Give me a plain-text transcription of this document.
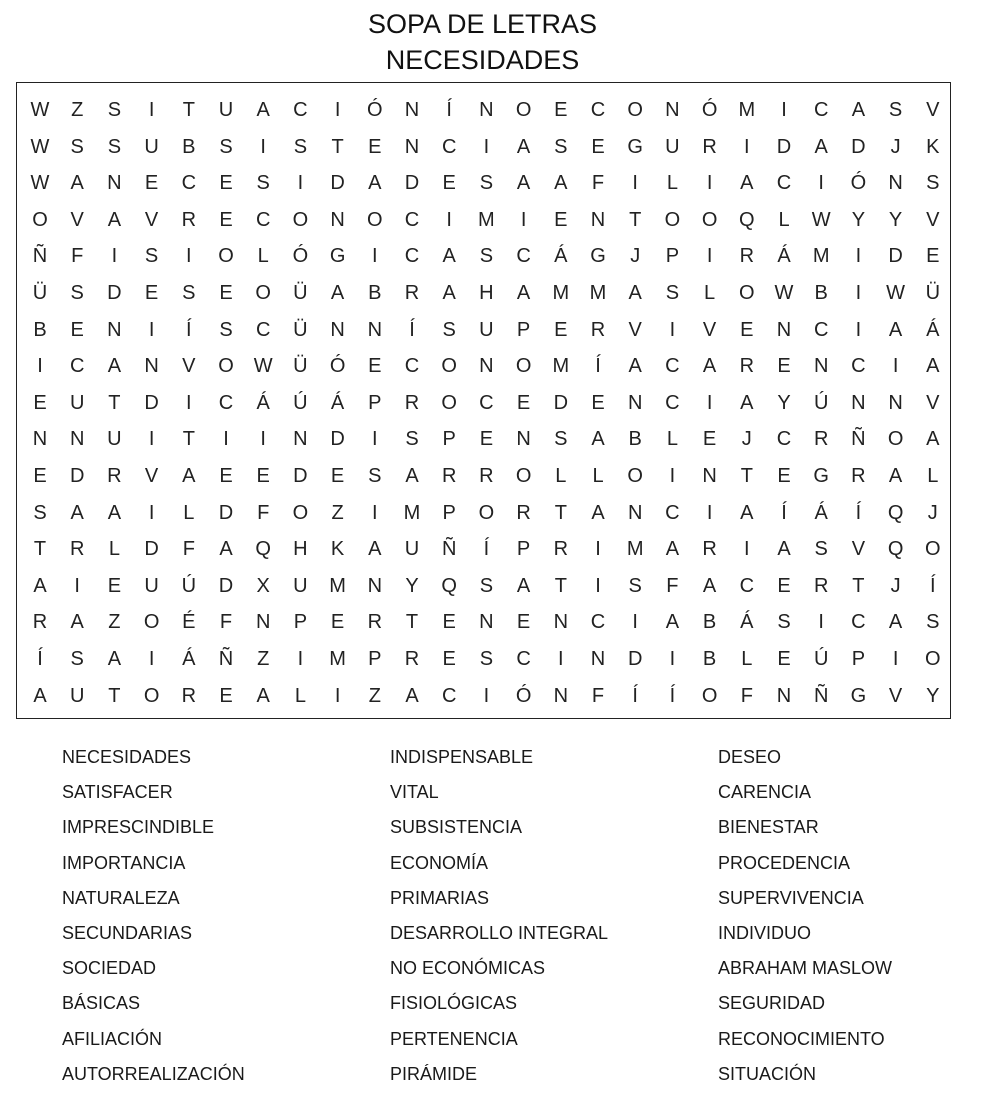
SOPA DE LETRAS
NECESIDADES
W	Z	S	I	T	U	A	C	I	Ó	N	Í	N	O	E	C	O	N	Ó	M	I	C	A	S	V
W	S	S	U	B	S	I	S	T	E	N	C	I	A	S	E	G	U	R	I	D	A	D	J	K
W	A	N	E	C	E	S	I	D	A	D	E	S	A	A	F	I	L	I	A	C	I	Ó	N	S
O	V	A	V	R	E	C	O	N	O	C	I	M	I	E	N	T	O	O	Q	L	W	Y	Y	V
Ñ	F	I	S	I	O	L	Ó	G	I	C	A	S	C	Á	G	J	P	I	R	Á	M	I	D	E
Ü	S	D	E	S	E	O	Ü	A	B	R	A	H	A	M	M	A	S	L	O W	B	I	W	Ü
B	E	N	I	Í	S	C	Ü	N	N	Í	S	U	P	E	R	V	I	V	E	N	C	I	A	Á
I	C	A	N	V	O W	Ü	Ó	E	C	O	N	O	M	Í	A	C	A	R	E	N	C	I	A
E	U	T	D	I	C	Á	Ú	Á	P	R	O	C	E	D	E	N	C	I	A	Y	Ú	N	N	V
N	N	U	I	T	I	I	N	D	I	S	P	E	N	S	A	B	L	E	J	C	R	Ñ	O	A
E	D	R	V	A	E	E	D	E	S	A	R	R	O	L	L	O	I	N	T	E	G	R	A	L
S	A	A	I	L	D	F	O	Z	I	M	P	O	R	T	A	N	C	I	A	Í	Á	Í	Q	J
T	R	L	D	F	A	Q	H	K	A	U	Ñ	Í	P	R	I	M	A	R	I	A	S	V	Q	O
A	I	E	U	Ú	D	X	U	M	N	Y	Q	S	A	T	I	S	F	A	C	E	R	T	J	Í
R	A	Z	O	É	F	N	P	E	R	T	E	N	E	N	C	I	A	B	Á	S	I	C	A	S
Í	S	A	I	Á	Ñ	Z	I	M	P	R	E	S	C	I	N	D	I	B	L	E	Ú	P	I	O
A	U	T	O	R	E	A	L	I	Z	A	C	I	Ó	N	F	Í	Í	O	F	N	Ñ	G	V	Y
NECESIDADES
SATISFACER
IMPRESCINDIBLE
IMPORTANCIA
NATURALEZA
SECUNDARIAS
SOCIEDAD
BÁSICAS
AFILIACIÓN
AUTORREALIZACIÓN
INDISPENSABLE
VITAL
SUBSISTENCIA
ECONOMÍA
PRIMARIAS
DESARROLLO INTEGRAL
NO ECONÓMICAS
FISIOLÓGICAS
PERTENENCIA
PIRÁMIDE
DESEO
CARENCIA
BIENESTAR
PROCEDENCIA
SUPERVIVENCIA
INDIVIDUO
ABRAHAM MASLOW
SEGURIDAD
RECONOCIMIENTO
SITUACIÓN
